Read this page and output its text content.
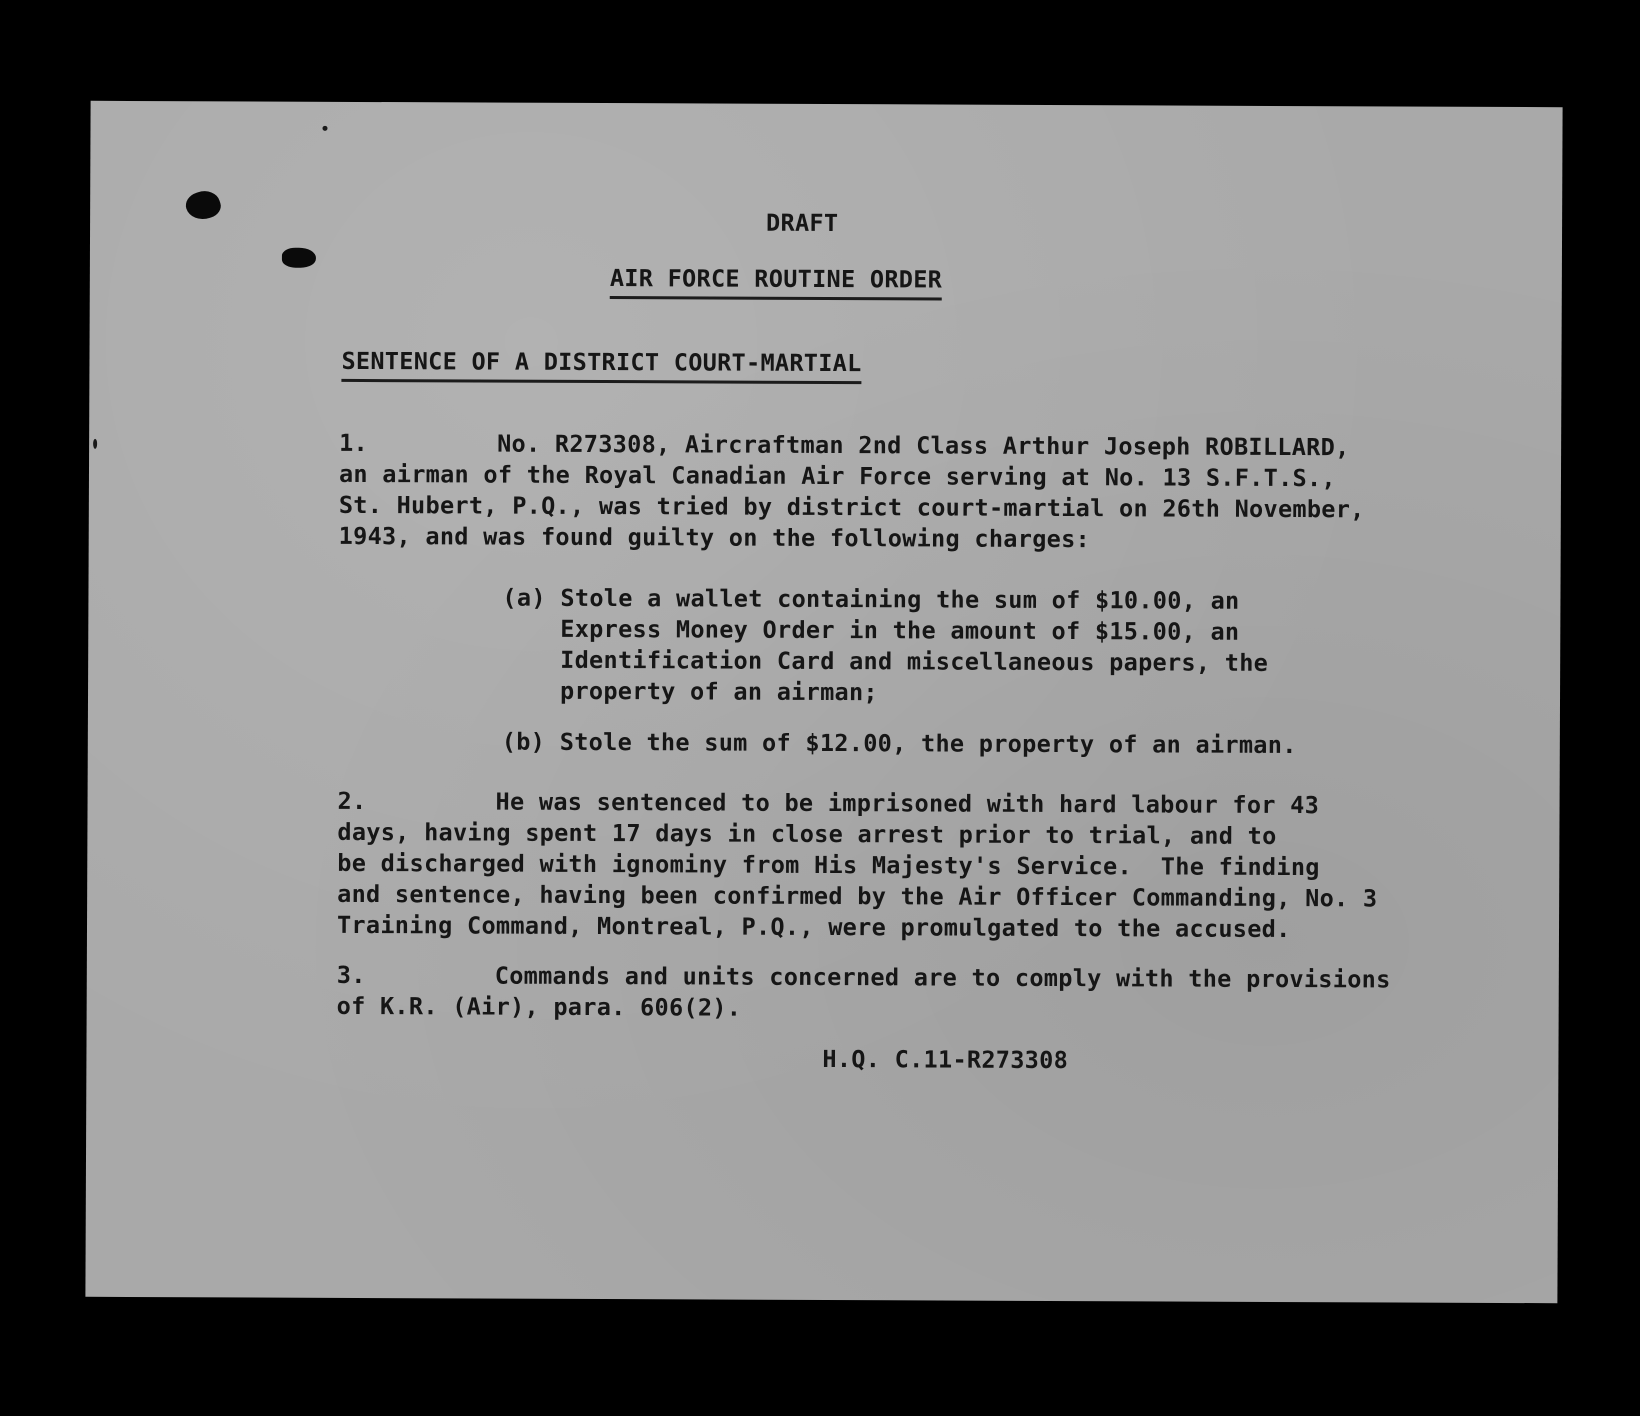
DRAFT
AIR FORCE ROUTINE ORDER
SENTENCE OF A DISTRICT COURT-MARTIAL
1.	No. R273308, Aircraftman 2nd Class Arthur Joseph ROBILLARD,
an airman of the Royal Canadian Air Force serving at No. 13 S.F.T.S.,
St. Hubert, P.Q., was tried by district court-martial on 26th November,
1943, and was found guilty on the following charges:
(a) Stole a wallet containing the sum of $10.00, an
Express Money Order in the amount of $15.00, an
Identification Card and miscellaneous papers, the
property of an airman;
(b) Stole the sum of $12.00, the property of an airman.
2.	He was sentenced to be imprisoned with hard labour for 43
days, having spent 17 days in close arrest prior to trial, and to
be discharged with ignominy from His Majesty's Service.  The finding
and sentence, having been confirmed by the Air Officer Commanding, No. 3
Training Command, Montreal, P.Q., were promulgated to the accused.
3.	Commands and units concerned are to comply with the provisions
of K.R. (Air), para. 606(2).
H.Q. C.11-R273308
